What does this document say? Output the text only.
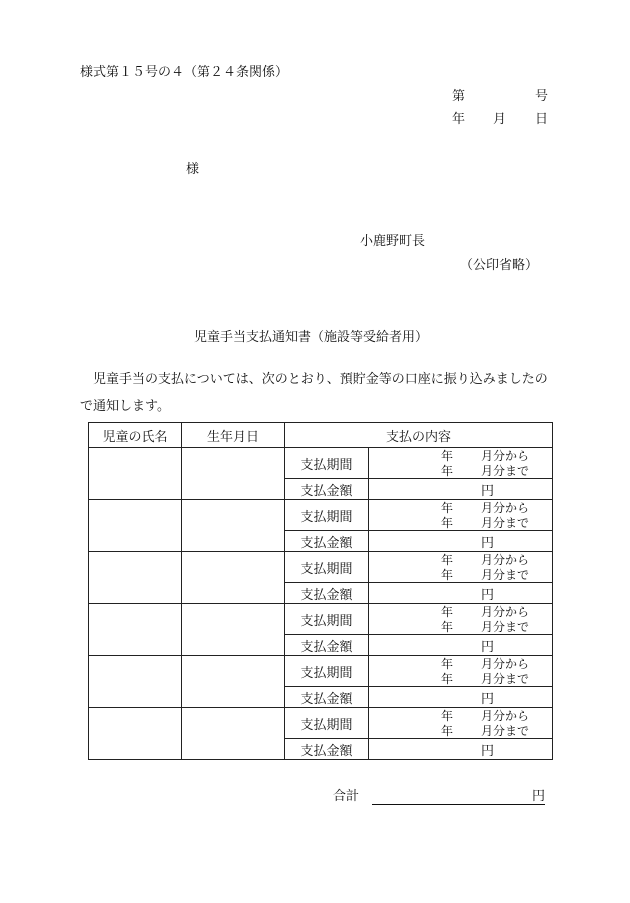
様式第１５号の４（第２４条関係）
第	号
年 月 日
様
小鹿野町長
（公印省略）
児童手当支払通知書（施設等受給者用）
児童手当の支払については、次のとおり、預貯金等の口座に振り込みましたので通知します。
児童の氏名	生年月日	支払の内容	
		支払期間	年 月分から
年 月分まで

		支払金額	円
		支払期間	年 月分から
年 月分まで

		支払金額	円
		支払期間	年 月分から
年 月分まで

		支払金額	円
		支払期間	年 月分から
年 月分まで

		支払金額	円
		支払期間	年 月分から
年 月分まで

		支払金額	円
		支払期間	年 月分から
年 月分まで

		支払金額	円
合計	円
